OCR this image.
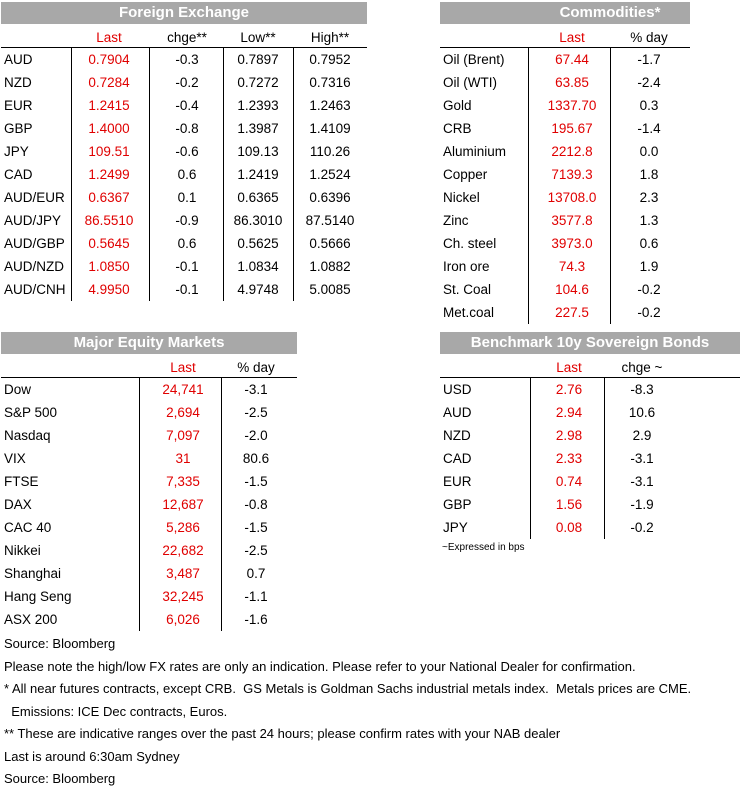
Foreign Exchange
Last	chge**	Low**	High**
AUD	0.7904	-0.3	0.7897	0.7952
NZD	0.7284	-0.2	0.7272	0.7316
EUR	1.2415	-0.4	1.2393	1.2463
GBP	1.4000	-0.8	1.3987	1.4109
JPY	109.51	-0.6	109.13	110.26
CAD	1.2499	0.6	1.2419	1.2524
AUD/EUR	0.6367	0.1	0.6365	0.6396
AUD/JPY	86.5510	-0.9	86.3010	87.5140
AUD/GBP	0.5645	0.6	0.5625	0.5666
AUD/NZD	1.0850	-0.1	1.0834	1.0882
AUD/CNH	4.9950	-0.1	4.9748	5.0085
Commodities*
Last	% day
Oil (Brent)	67.44	-1.7
Oil (WTI)	63.85	-2.4
Gold	1337.70	0.3
CRB	195.67	-1.4
Aluminium	2212.8	0.0
Copper	7139.3	1.8
Nickel	13708.0	2.3
Zinc	3577.8	1.3
Ch. steel	3973.0	0.6
Iron ore	74.3	1.9
St. Coal	104.6	-0.2
Met.coal	227.5	-0.2
Major Equity Markets
Last	% day
Dow	24,741	-3.1
S&P 500	2,694	-2.5
Nasdaq	7,097	-2.0
VIX	31	80.6
FTSE	7,335	-1.5
DAX	12,687	-0.8
CAC 40	5,286	-1.5
Nikkei	22,682	-2.5
Shanghai	3,487	0.7
Hang Seng	32,245	-1.1
ASX 200	6,026	-1.6
Benchmark 10y Sovereign Bonds
Last	chge ~
USD	2.76	-8.3
AUD	2.94	10.6
NZD	2.98	2.9
CAD	2.33	-3.1
EUR	0.74	-3.1
GBP	1.56	-1.9
JPY	0.08	-0.2
~Expressed in bps
Source: Bloomberg
Please note the high/low FX rates are only an indication. Please refer to your National Dealer for confirmation.
* All near futures contracts, except CRB.  GS Metals is Goldman Sachs industrial metals index.  Metals prices are CME.
Emissions: ICE Dec contracts, Euros.
** These are indicative ranges over the past 24 hours; please confirm rates with your NAB dealer
Last is around 6:30am Sydney
Source: Bloomberg
